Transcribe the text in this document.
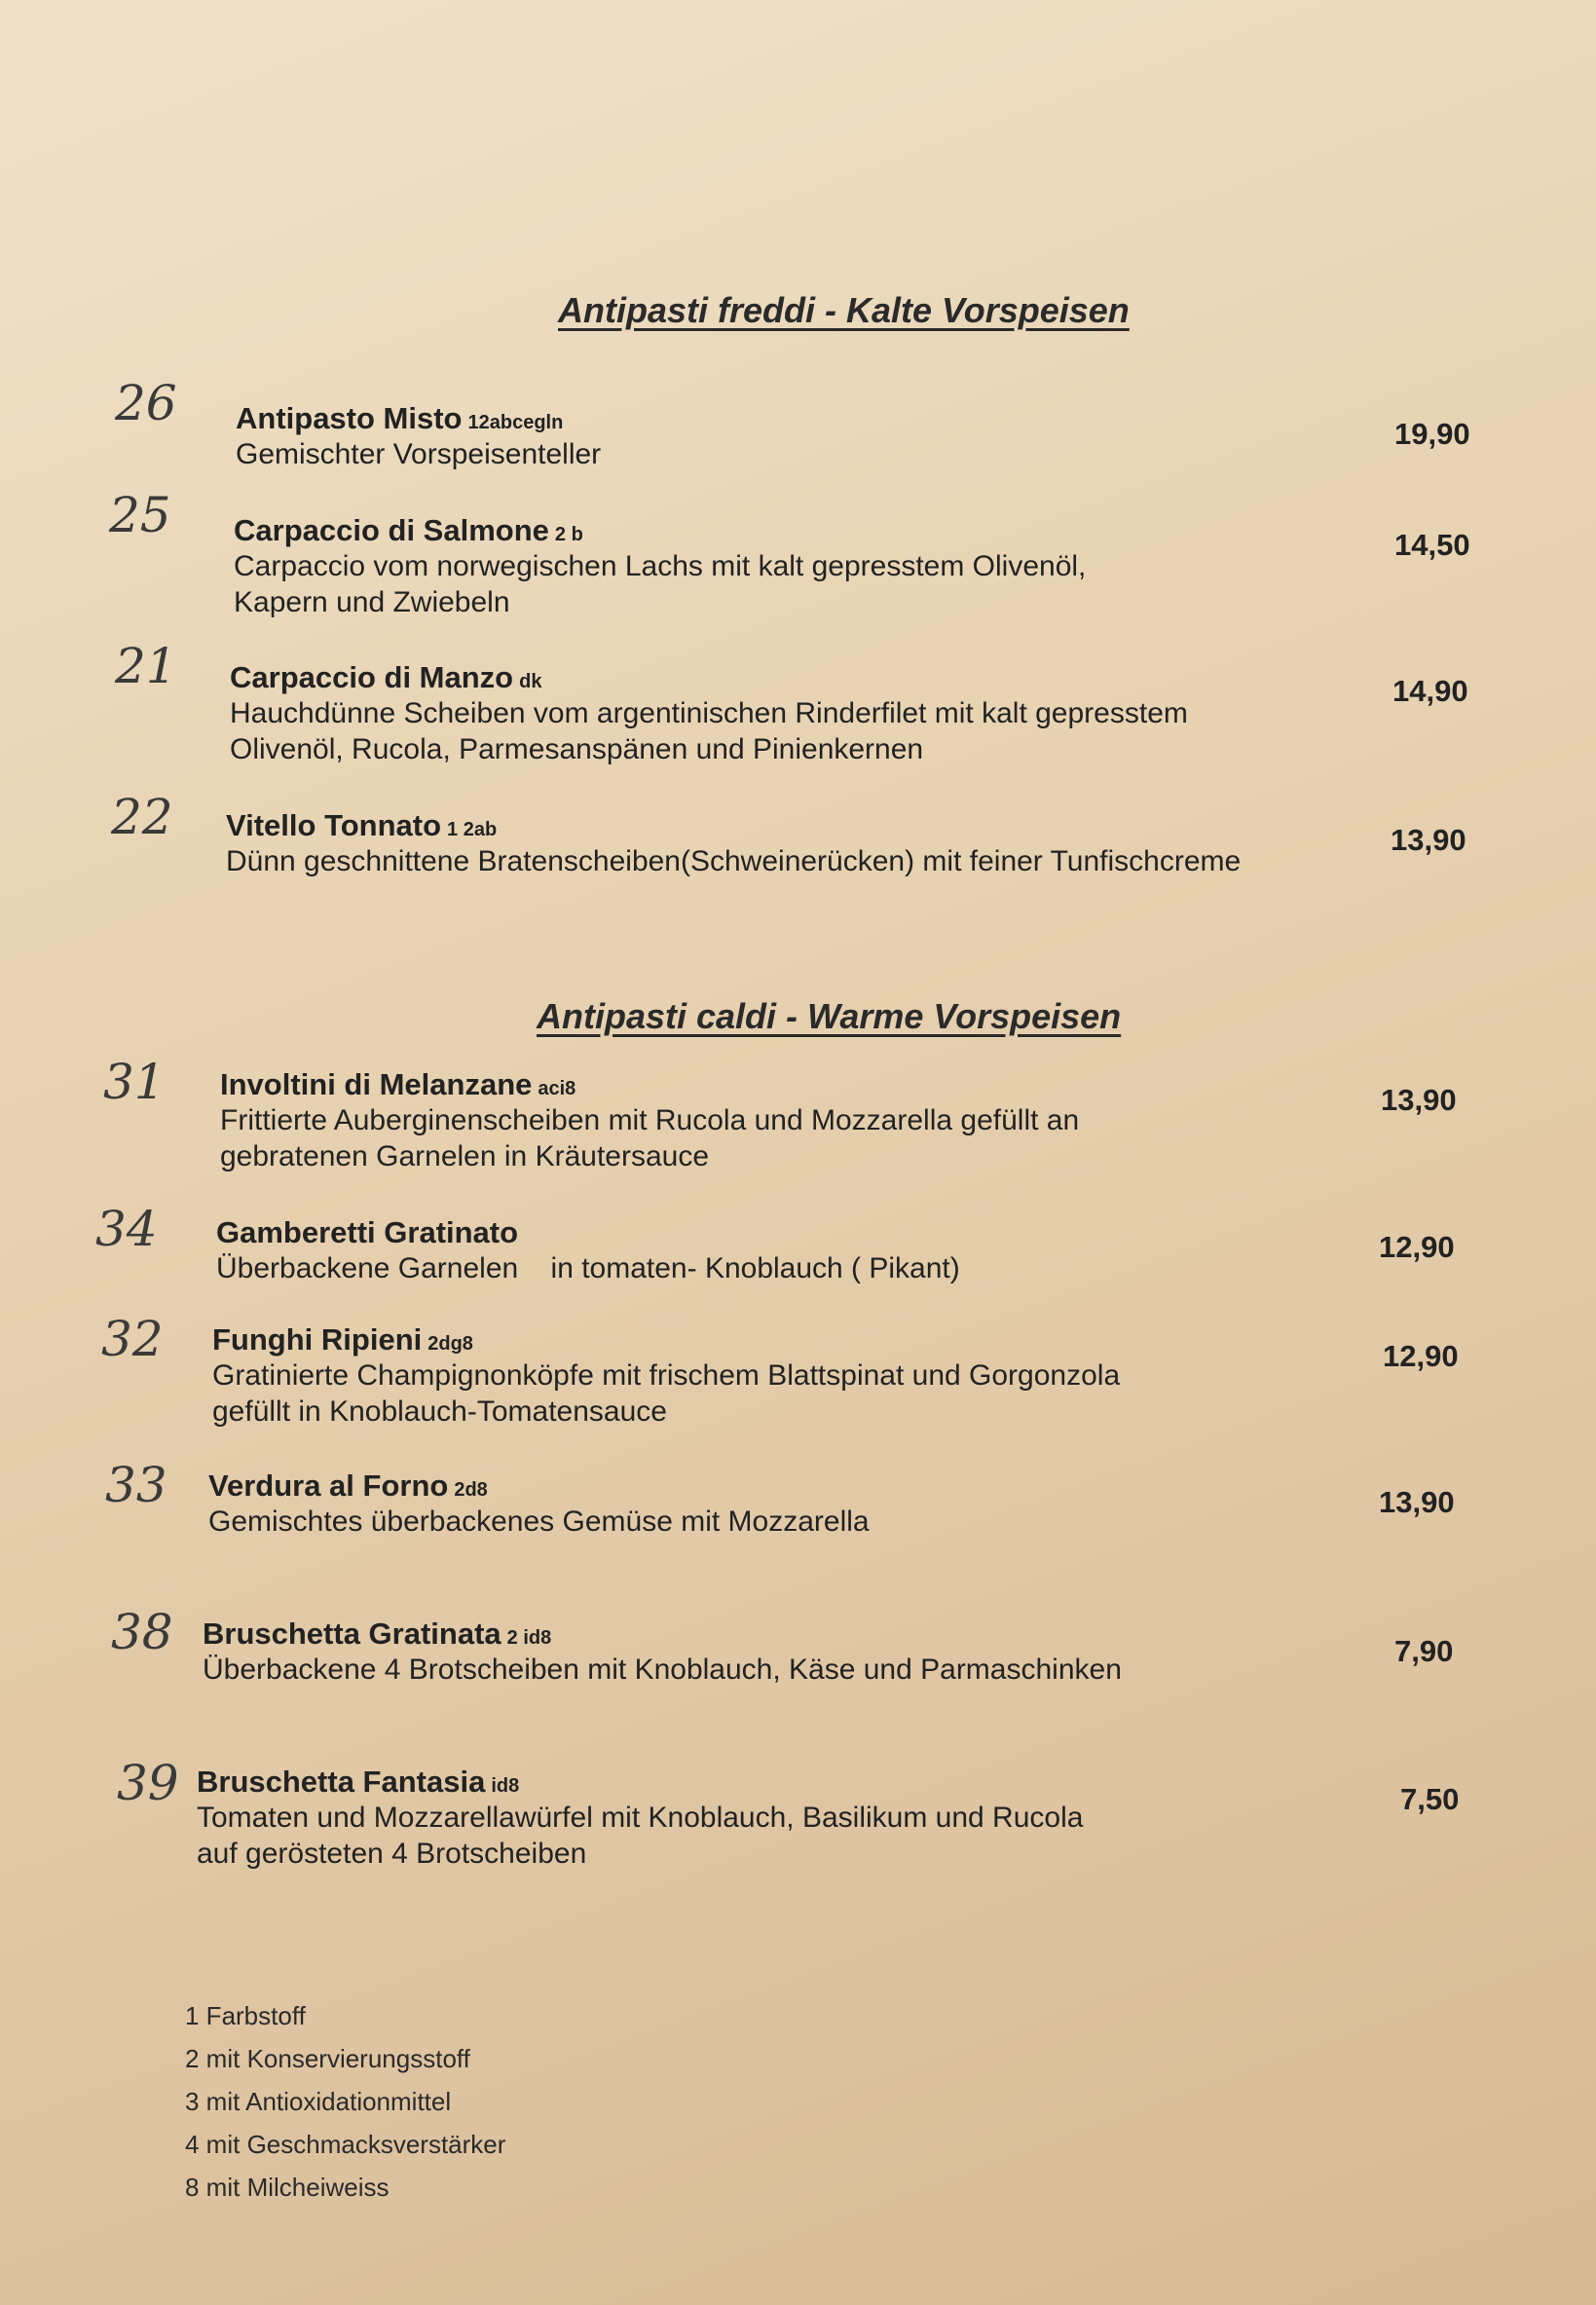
Antipasti freddi - Kalte Vorspeisen
26 Antipasto Misto 12abcegln
Gemischter Vorspeisenteller
19,90
25 Carpaccio di Salmone 2 b
Carpaccio vom norwegischen Lachs mit kalt gepresstem Olivenöl,
Kapern und Zwiebeln
14,50
21 Carpaccio di Manzo dk
Hauchdünne Scheiben vom argentinischen Rinderfilet mit kalt gepresstem
Olivenöl, Rucola, Parmesanspänen und Pinienkernen
14,90
22 Vitello Tonnato 1 2ab
Dünn geschnittene Bratenscheiben(Schweinerücken) mit feiner Tunfischcreme
13,90
Antipasti caldi - Warme Vorspeisen
31 Involtini di Melanzane aci8
Frittierte Auberginenscheiben mit Rucola und Mozzarella gefüllt an
gebratenen Garnelen in Kräutersauce
13,90
34 Gamberetti Gratinato
Überbackene Garnelen    in tomaten- Knoblauch ( Pikant)
12,90
32 Funghi Ripieni 2dg8
Gratinierte Champignonköpfe mit frischem Blattspinat und Gorgonzola
gefüllt in Knoblauch-Tomatensauce
12,90
33 Verdura al Forno 2d8
Gemischtes überbackenes Gemüse mit Mozzarella
13,90
38 Bruschetta Gratinata 2 id8
Überbackene 4 Brotscheiben mit Knoblauch, Käse und Parmaschinken
7,90
39 Bruschetta Fantasia id8
Tomaten und Mozzarellawürfel mit Knoblauch, Basilikum und Rucola
auf gerösteten 4 Brotscheiben
7,50
1 Farbstoff
2 mit Konservierungsstoff
3 mit Antioxidationmittel
4 mit Geschmacksverstärker
8 mit Milcheiweiss
